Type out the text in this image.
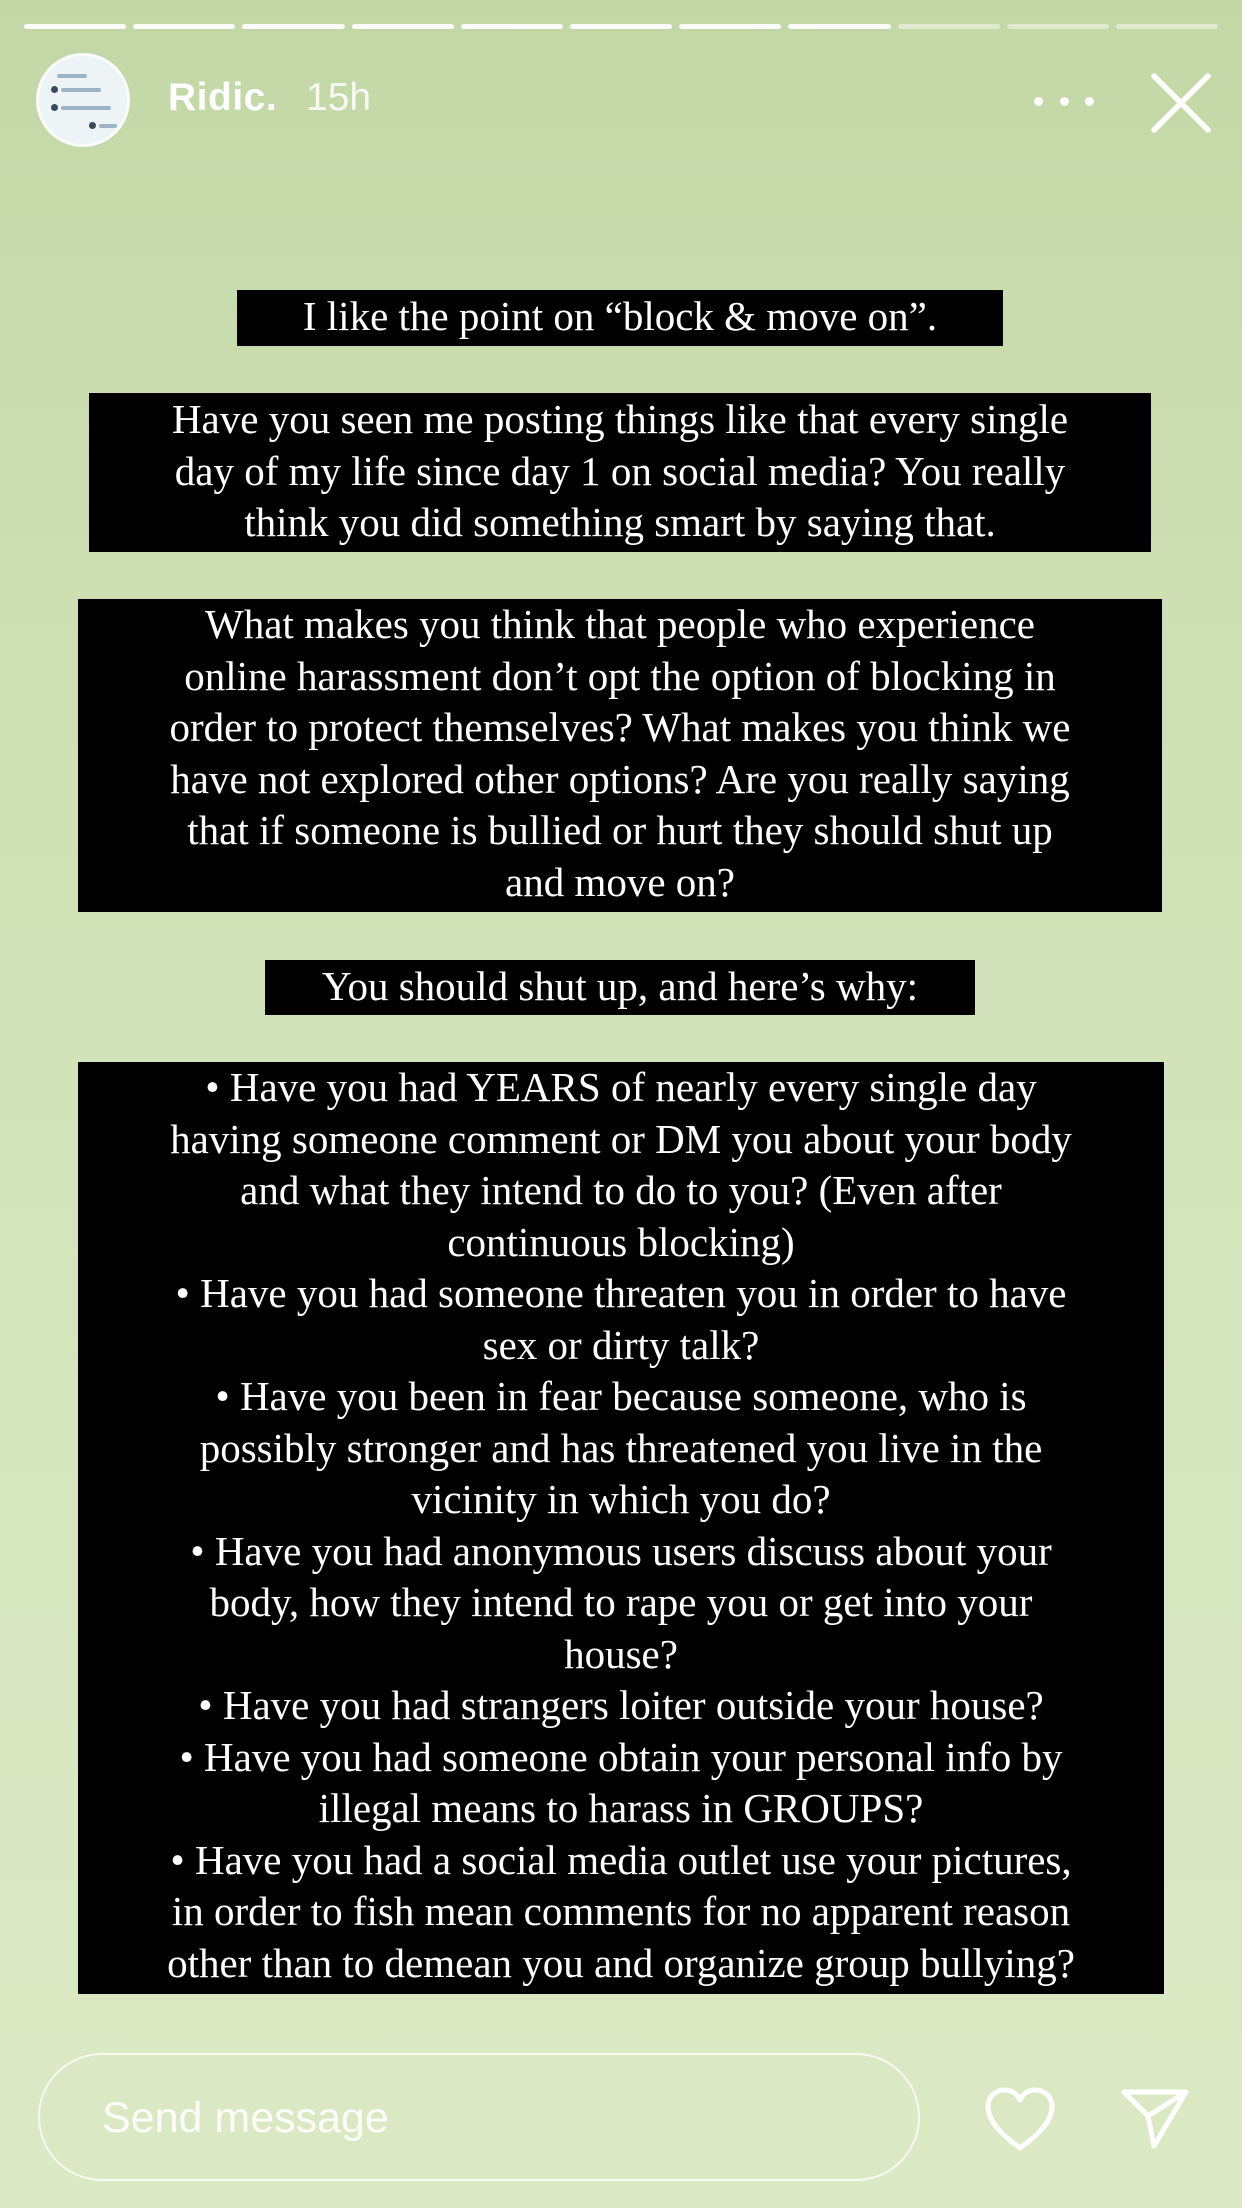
Ridic. 15h
I like the point on “block & move on”.
Have you seen me posting things like that every single
day of my life since day 1 on social media? You really
think you did something smart by saying that.
What makes you think that people who experience
online harassment don’t opt the option of blocking in
order to protect themselves? What makes you think we
have not explored other options? Are you really saying
that if someone is bullied or hurt they should shut up
and move on?
You should shut up, and here’s why:
• Have you had YEARS of nearly every single day
having someone comment or DM you about your body
and what they intend to do to you? (Even after
continuous blocking)
• Have you had someone threaten you in order to have
sex or dirty talk?
• Have you been in fear because someone, who is
possibly stronger and has threatened you live in the
vicinity in which you do?
• Have you had anonymous users discuss about your
body, how they intend to rape you or get into your
house?
• Have you had strangers loiter outside your house?
• Have you had someone obtain your personal info by
illegal means to harass in GROUPS?
• Have you had a social media outlet use your pictures,
in order to fish mean comments for no apparent reason
other than to demean you and organize group bullying?
Send message
